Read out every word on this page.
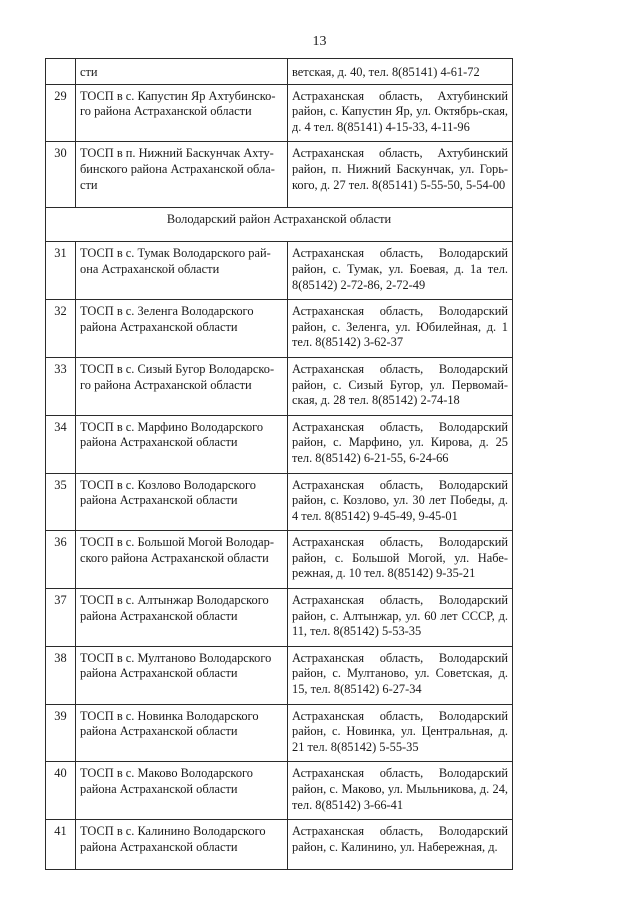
13
	сти	ветская, д. 40, тел. 8(85141) 4-61-72
29	ТОСП в с. Капустин Яр Ахтубинско-го района Астраханской области	Астраханская область, Ахтубинский район, с. Капустин Яр, ул. Октябрь-ская, д. 4 тел. 8(85141) 4-15-33, 4-11-96
30	ТОСП в п. Нижний Баскунчак Ахту-бинского района Астраханской обла-сти	Астраханская область, Ахтубинский район, п. Нижний Баскунчак, ул. Горь-кого, д. 27 тел. 8(85141) 5-55-50, 5-54-00
Володарский район Астраханской области		
31	ТОСП в с. Тумак Володарского рай-она Астраханской области	Астраханская область, Володарский район, с. Тумак, ул. Боевая, д. 1а тел. 8(85142) 2-72-86, 2-72-49
32	ТОСП в с. Зеленга Володарского района Астраханской области	Астраханская область, Володарский район, с. Зеленга, ул. Юбилейная, д. 1 тел. 8(85142) 3-62-37
33	ТОСП в с. Сизый Бугор Володарско-го района Астраханской области	Астраханская область, Володарский район, с. Сизый Бугор, ул. Первомай-ская, д. 28 тел. 8(85142) 2-74-18
34	ТОСП в с. Марфино Володарского района Астраханской области	Астраханская область, Володарский район, с. Марфино, ул. Кирова, д. 25 тел. 8(85142) 6-21-55, 6-24-66
35	ТОСП в с. Козлово Володарского района Астраханской области	Астраханская область, Володарский район, с. Козлово, ул. 30 лет Победы, д. 4 тел. 8(85142) 9-45-49, 9-45-01
36	ТОСП в с. Большой Могой Володар-ского района Астраханской области	Астраханская область, Володарский район, с. Большой Могой, ул. Набе-режная, д. 10 тел. 8(85142) 9-35-21
37	ТОСП в с. Алтынжар Володарского района Астраханской области	Астраханская область, Володарский район, с. Алтынжар, ул. 60 лет СССР, д. 11, тел. 8(85142) 5-53-35
38	ТОСП в с. Мултаново Володарского района Астраханской области	Астраханская область, Володарский район, с. Мултаново, ул. Советская, д. 15, тел. 8(85142) 6-27-34
39	ТОСП в с. Новинка Володарского района Астраханской области	Астраханская область, Володарский район, с. Новинка, ул. Центральная, д. 21 тел. 8(85142) 5-55-35
40	ТОСП в с. Маково Володарского района Астраханской области	Астраханская область, Володарский район, с. Маково, ул. Мыльникова, д. 24, тел. 8(85142) 3-66-41
41	ТОСП в с. Калинино Володарского района Астраханской области	Астраханская область, Володарский район, с. Калинино, ул. Набережная, д.
